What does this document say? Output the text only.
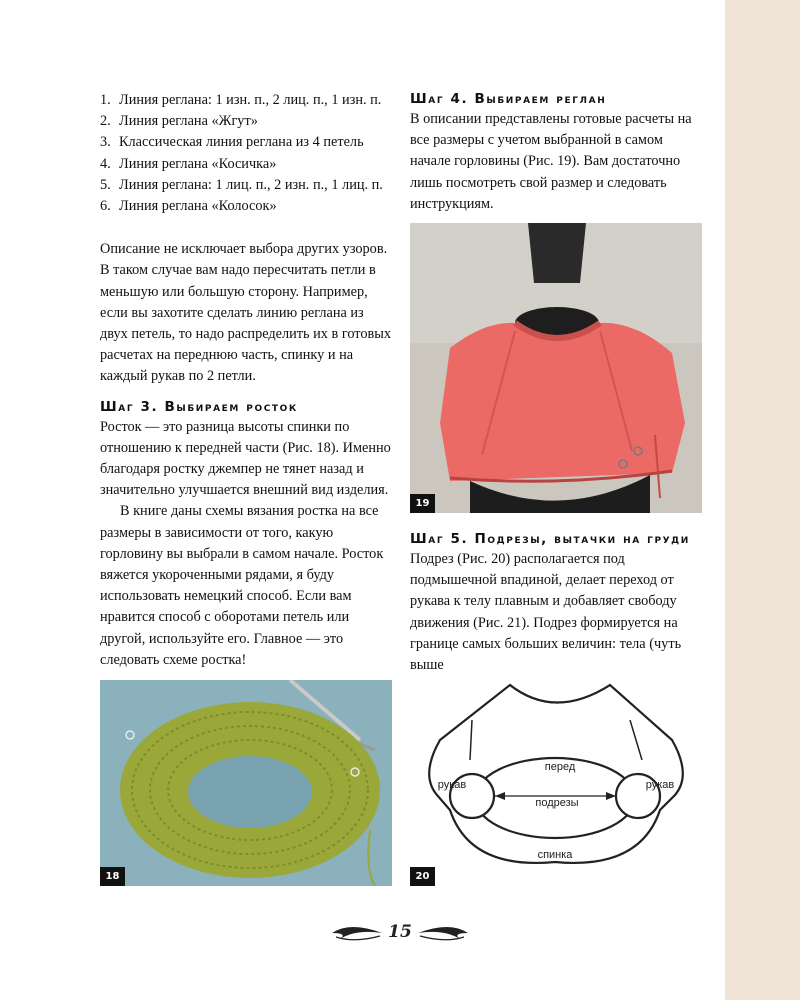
1. Линия реглана: 1 изн. п., 2 лиц. п., 1 изн. п.
2. Линия реглана «Жгут»
3. Классическая линия реглана из 4 петель
4. Линия реглана «Косичка»
5. Линия реглана: 1 лиц. п., 2 изн. п., 1 лиц. п.
6. Линия реглана «Колосок»

Описание не исключает выбора других узоров. В таком случае вам надо пересчитать петли в меньшую или большую сторону. Например, если вы захотите сделать линию реглана из двух петель, то надо распределить их в готовых расчетах на переднюю часть, спинку и на каждый рукав по 2 петли.

Шаг 3. Выбираем росток

Росток — это разница высоты спинки по отношению к передней части (Рис. 18). Именно благодаря ростку джемпер не тянет назад и значительно улучшается внешний вид изделия.

В книге даны схемы вязания ростка на все размеры в зависимости от того, какую горловину вы выбрали в самом начале. Росток вяжется укороченными рядами, я буду использовать немецкий способ. Если вам нравится способ с оборотами петель или другой, используйте его. Главное — это следовать схеме ростка!

Шаг 4. Выбираем реглан

В описании представлены готовые расчеты на все размеры с учетом выбранной в самом начале горловины (Рис. 19). Вам достаточно лишь посмотреть свой размер и следовать инструкциям.

Шаг 5. Подрезы, вытачки на груди

Подрез (Рис. 20) располагается под подмышечной впадиной, делает переход от рукава к телу плавным и добавляет свободу движения (Рис. 21). Подрез формируется на границе самых больших величин: тела (чуть выше

19
18
перед
рукав	рукав
подрезы
спинка
20
15
